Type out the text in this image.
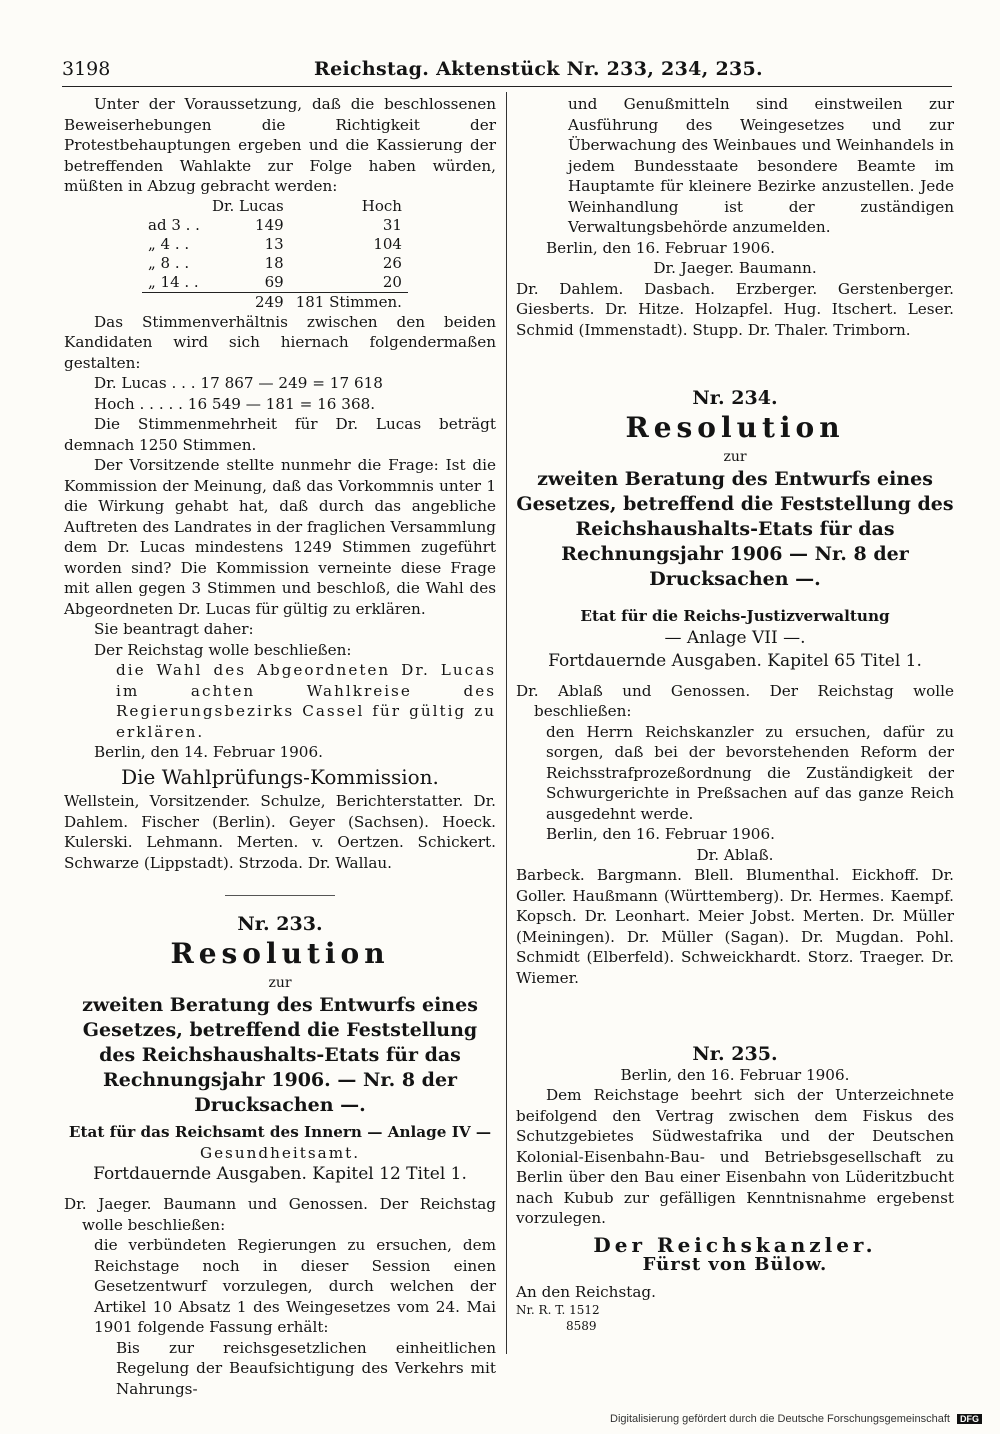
3198	Reichstag. Aktenstück Nr. 233, 234, 235.

Unter der Voraussetzung, daß die beschlossenen Beweiserhebungen die Richtigkeit der Protestbehauptungen ergeben und die Kassierung der betreffenden Wahlakte zur Folge haben würden, müßten in Abzug gebracht werden:

	Dr. Lucas	Hoch
ad 3 . .	149	31
„ 4 . .	13	104
„ 8 . .	18	26
„ 14 . .	69	20
	249	181 Stimmen.

Das Stimmenverhältnis zwischen den beiden Kandidaten wird sich hiernach folgendermaßen gestalten:

Dr. Lucas . . . 17 867 — 249 = 17 618

Hoch . . . . . 16 549 — 181 = 16 368.

Die Stimmenmehrheit für Dr. Lucas beträgt demnach 1250 Stimmen.

Der Vorsitzende stellte nunmehr die Frage: Ist die Kommission der Meinung, daß das Vorkommnis unter 1 die Wirkung gehabt hat, daß durch das angebliche Auftreten des Landrates in der fraglichen Versammlung dem Dr. Lucas mindestens 1249 Stimmen zugeführt worden sind? Die Kommission verneinte diese Frage mit allen gegen 3 Stimmen und beschloß, die Wahl des Abgeordneten Dr. Lucas für gültig zu erklären.

Sie beantragt daher:

Der Reichstag wolle beschließen:

die Wahl des Abgeordneten Dr. Lucas im achten Wahlkreise des Regierungsbezirks Cassel für gültig zu erklären.

Berlin, den 14. Februar 1906.

Die Wahlprüfungs-Kommission.

Wellstein, Vorsitzender. Schulze, Berichterstatter. Dr. Dahlem. Fischer (Berlin). Geyer (Sachsen). Hoeck. Kulerski. Lehmann. Merten. v. Oertzen. Schickert. Schwarze (Lippstadt). Strzoda. Dr. Wallau.

Nr. 233.
Resolution
zur
zweiten Beratung des Entwurfs eines Gesetzes, betreffend die Feststellung des Reichshaushalts-Etats für das Rechnungsjahr 1906. — Nr. 8 der Drucksachen —.
Etat für das Reichsamt des Innern — Anlage IV —
Gesundheitsamt.
Fortdauernde Ausgaben. Kapitel 12 Titel 1.

Dr. Jaeger. Baumann und Genossen. Der Reichstag wolle beschließen:

die verbündeten Regierungen zu ersuchen, dem Reichstage noch in dieser Session einen Gesetzentwurf vorzulegen, durch welchen der Artikel 10 Absatz 1 des Weingesetzes vom 24. Mai 1901 folgende Fassung erhält:

Bis zur reichsgesetzlichen einheitlichen Regelung der Beaufsichtigung des Verkehrs mit Nahrungs-

und Genußmitteln sind einstweilen zur Ausführung des Weingesetzes und zur Überwachung des Weinbaues und Weinhandels in jedem Bundesstaate besondere Beamte im Hauptamte für kleinere Bezirke anzustellen. Jede Weinhandlung ist der zuständigen Verwaltungsbehörde anzumelden.

Berlin, den 16. Februar 1906.

Dr. Jaeger. Baumann.

Dr. Dahlem. Dasbach. Erzberger. Gerstenberger. Giesberts. Dr. Hitze. Holzapfel. Hug. Itschert. Leser. Schmid (Immenstadt). Stupp. Dr. Thaler. Trimborn.

Nr. 234.
Resolution
zur
zweiten Beratung des Entwurfs eines Gesetzes, betreffend die Feststellung des Reichshaushalts-Etats für das Rechnungsjahr 1906 — Nr. 8 der Drucksachen —.
Etat für die Reichs-Justizverwaltung
— Anlage VII —.
Fortdauernde Ausgaben. Kapitel 65 Titel 1.

Dr. Ablaß und Genossen. Der Reichstag wolle beschließen:

den Herrn Reichskanzler zu ersuchen, dafür zu sorgen, daß bei der bevorstehenden Reform der Reichsstrafprozeßordnung die Zuständigkeit der Schwurgerichte in Preßsachen auf das ganze Reich ausgedehnt werde.

Berlin, den 16. Februar 1906.

Dr. Ablaß.

Barbeck. Bargmann. Blell. Blumenthal. Eickhoff. Dr. Goller. Haußmann (Württemberg). Dr. Hermes. Kaempf. Kopsch. Dr. Leonhart. Meier Jobst. Merten. Dr. Müller (Meiningen). Dr. Müller (Sagan). Dr. Mugdan. Pohl. Schmidt (Elberfeld). Schweickhardt. Storz. Traeger. Dr. Wiemer.

Nr. 235.
Berlin, den 16. Februar 1906.

Dem Reichstage beehrt sich der Unterzeichnete beifolgend den Vertrag zwischen dem Fiskus des Schutzgebietes Südwestafrika und der Deutschen Kolonial-Eisenbahn-Bau- und Betriebsgesellschaft zu Berlin über den Bau einer Eisenbahn von Lüderitzbucht nach Kubub zur gefälligen Kenntnisnahme ergebenst vorzulegen.

Der Reichskanzler.
Fürst von Bülow.

An den Reichstag.

Nr. R. T. 1512

8589

Digitalisierung gefördert durch die Deutsche Forschungsgemeinschaft DFG
